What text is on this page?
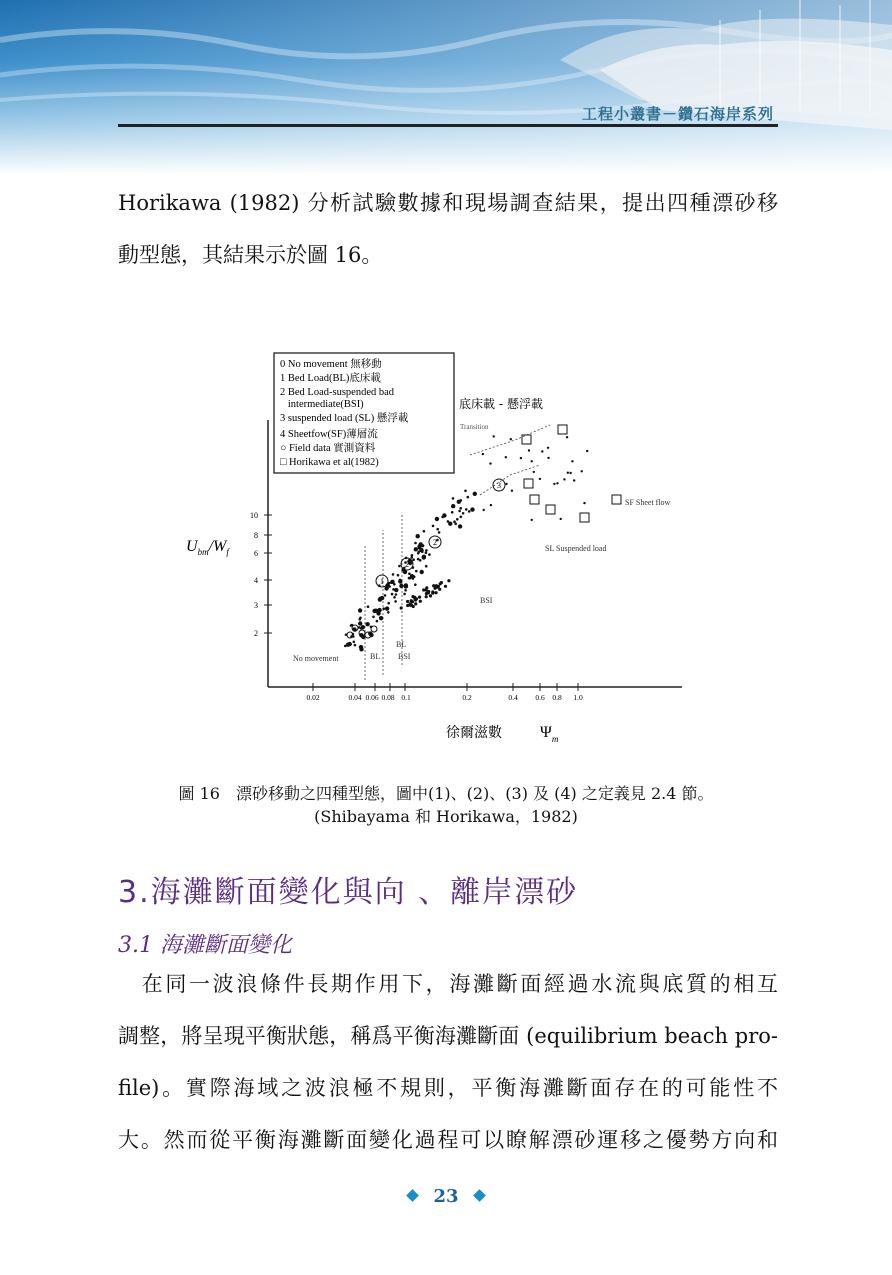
工程小叢書－鑽石海岸系列
Horikawa (1982) 分析試驗數據和現場調查結果，提出四種漂砂移
動型態，其結果示於圖 16。
10
8
6
4
3
2
0.02	0.04 0.06 0.08 0.1	0.2	0.4 0.6 0.8 1.0
1
2
2
3
底床載 - 懸浮載
Transition
SF Sheet flow
SL Suspended load
BSI
No movement	BL
BL
BSI
0 No movement 無移動
1 Bed Load(BL)底床載
2 Bed Load-suspended bad
intermediate(BSI)
3 suspended load (SL) 懸浮載
4 Sheetfow(SF)薄層流
○ Field data 實測資料
□ Horikawa et al(1982)
$U_{bm}/W_f$
徐爾滋數 $\Psi_m$
圖 16　漂砂移動之四種型態，圖中(1)、(2)、(3) 及 (4) 之定義見 2.4 節。
(Shibayama 和 Horikawa，1982)
3.海灘斷面變化與向 、離岸漂砂
3.1 海灘斷面變化
　在同一波浪條件長期作用下，海灘斷面經過水流與底質的相互
調整，將呈現平衡狀態，稱爲平衡海灘斷面 (equilibrium beach pro-
file)。實際海域之波浪極不規則，平衡海灘斷面存在的可能性不
大。然而從平衡海灘斷面變化過程可以瞭解漂砂運移之優勢方向和
23
